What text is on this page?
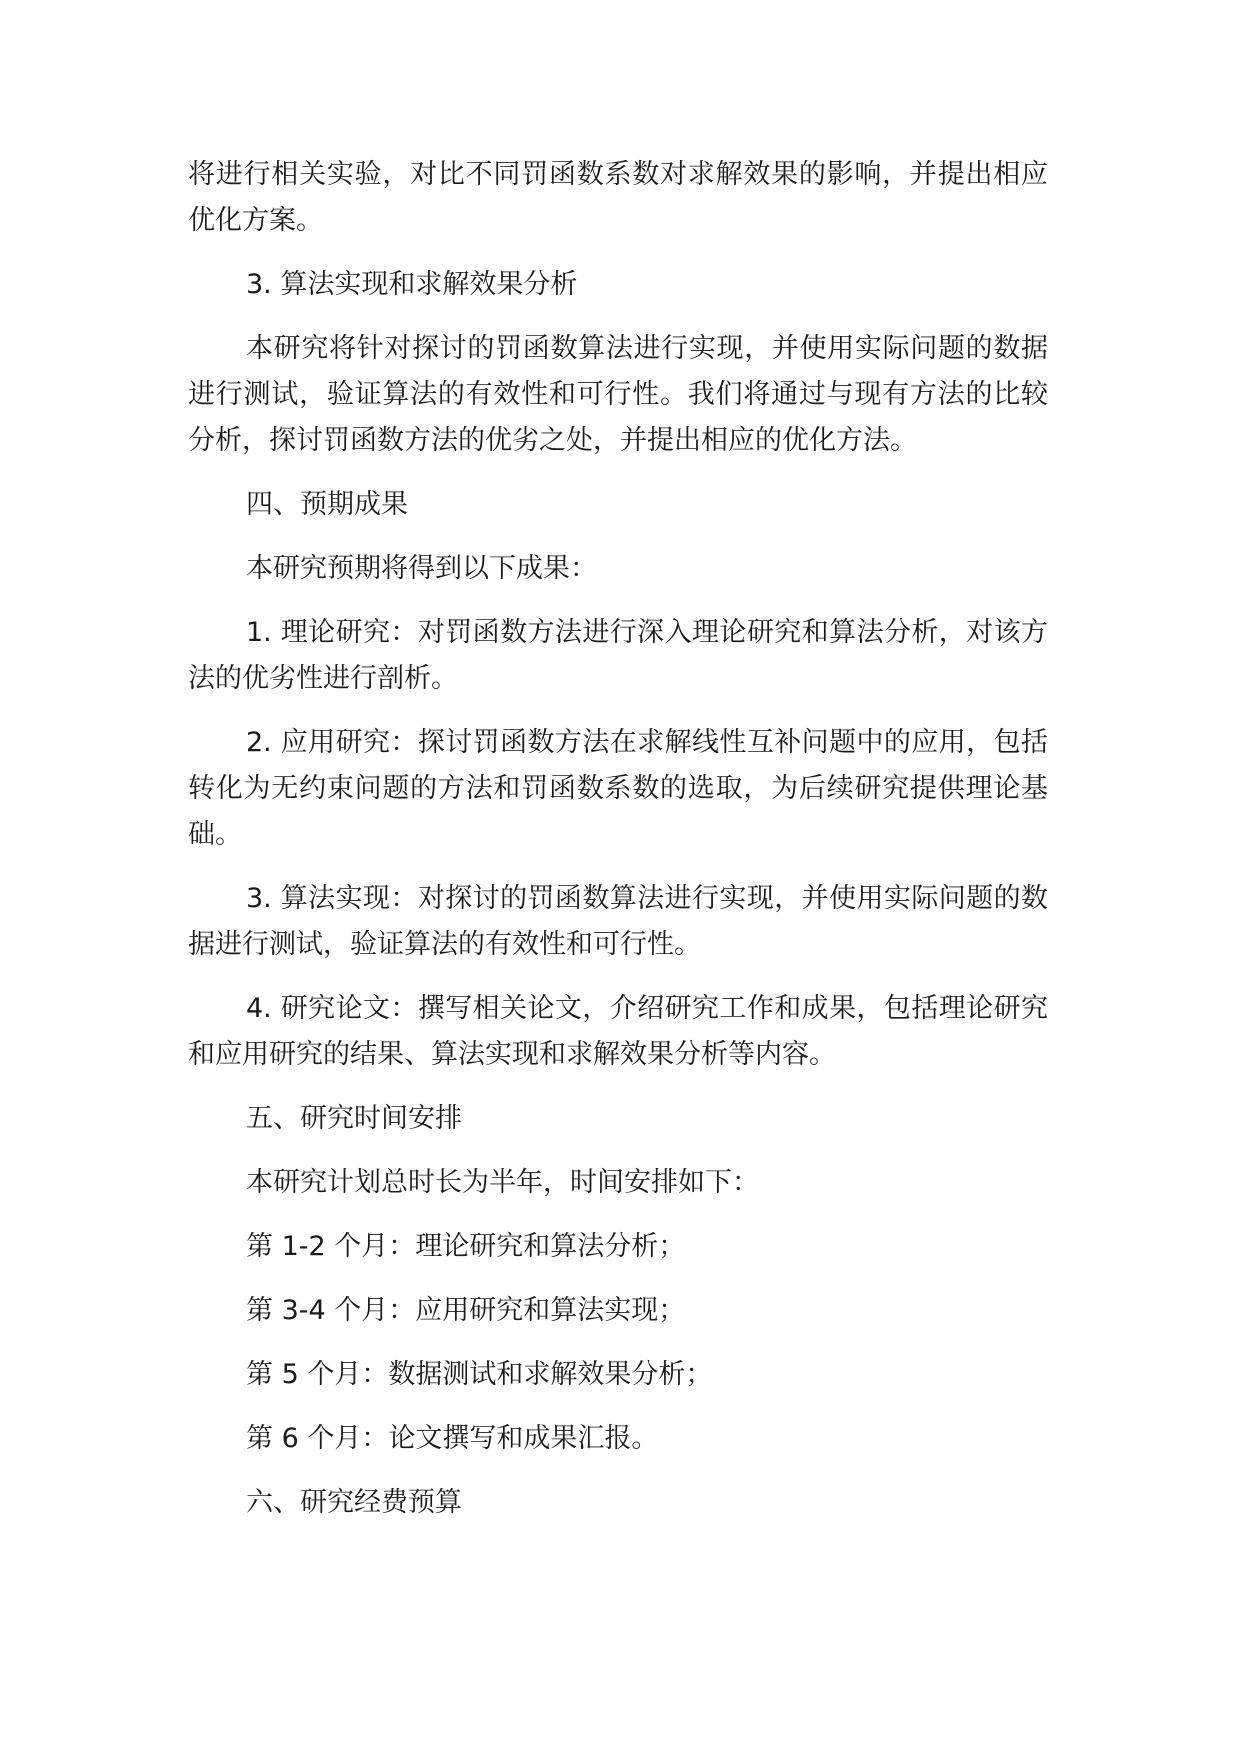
将进行相关实验，对比不同罚函数系数对求解效果的影响，并提出相应优化方案。

3. 算法实现和求解效果分析

本研究将针对探讨的罚函数算法进行实现，并使用实际问题的数据进行测试，验证算法的有效性和可行性。我们将通过与现有方法的比较分析，探讨罚函数方法的优劣之处，并提出相应的优化方法。

四、预期成果

本研究预期将得到以下成果：

1. 理论研究：对罚函数方法进行深入理论研究和算法分析，对该方法的优劣性进行剖析。

2. 应用研究：探讨罚函数方法在求解线性互补问题中的应用，包括转化为无约束问题的方法和罚函数系数的选取，为后续研究提供理论基础。

3. 算法实现：对探讨的罚函数算法进行实现，并使用实际问题的数据进行测试，验证算法的有效性和可行性。

4. 研究论文：撰写相关论文，介绍研究工作和成果，包括理论研究和应用研究的结果、算法实现和求解效果分析等内容。

五、研究时间安排

本研究计划总时长为半年，时间安排如下：

第 1-2 个月：理论研究和算法分析；

第 3-4 个月：应用研究和算法实现；

第 5 个月：数据测试和求解效果分析；

第 6 个月：论文撰写和成果汇报。

六、研究经费预算
